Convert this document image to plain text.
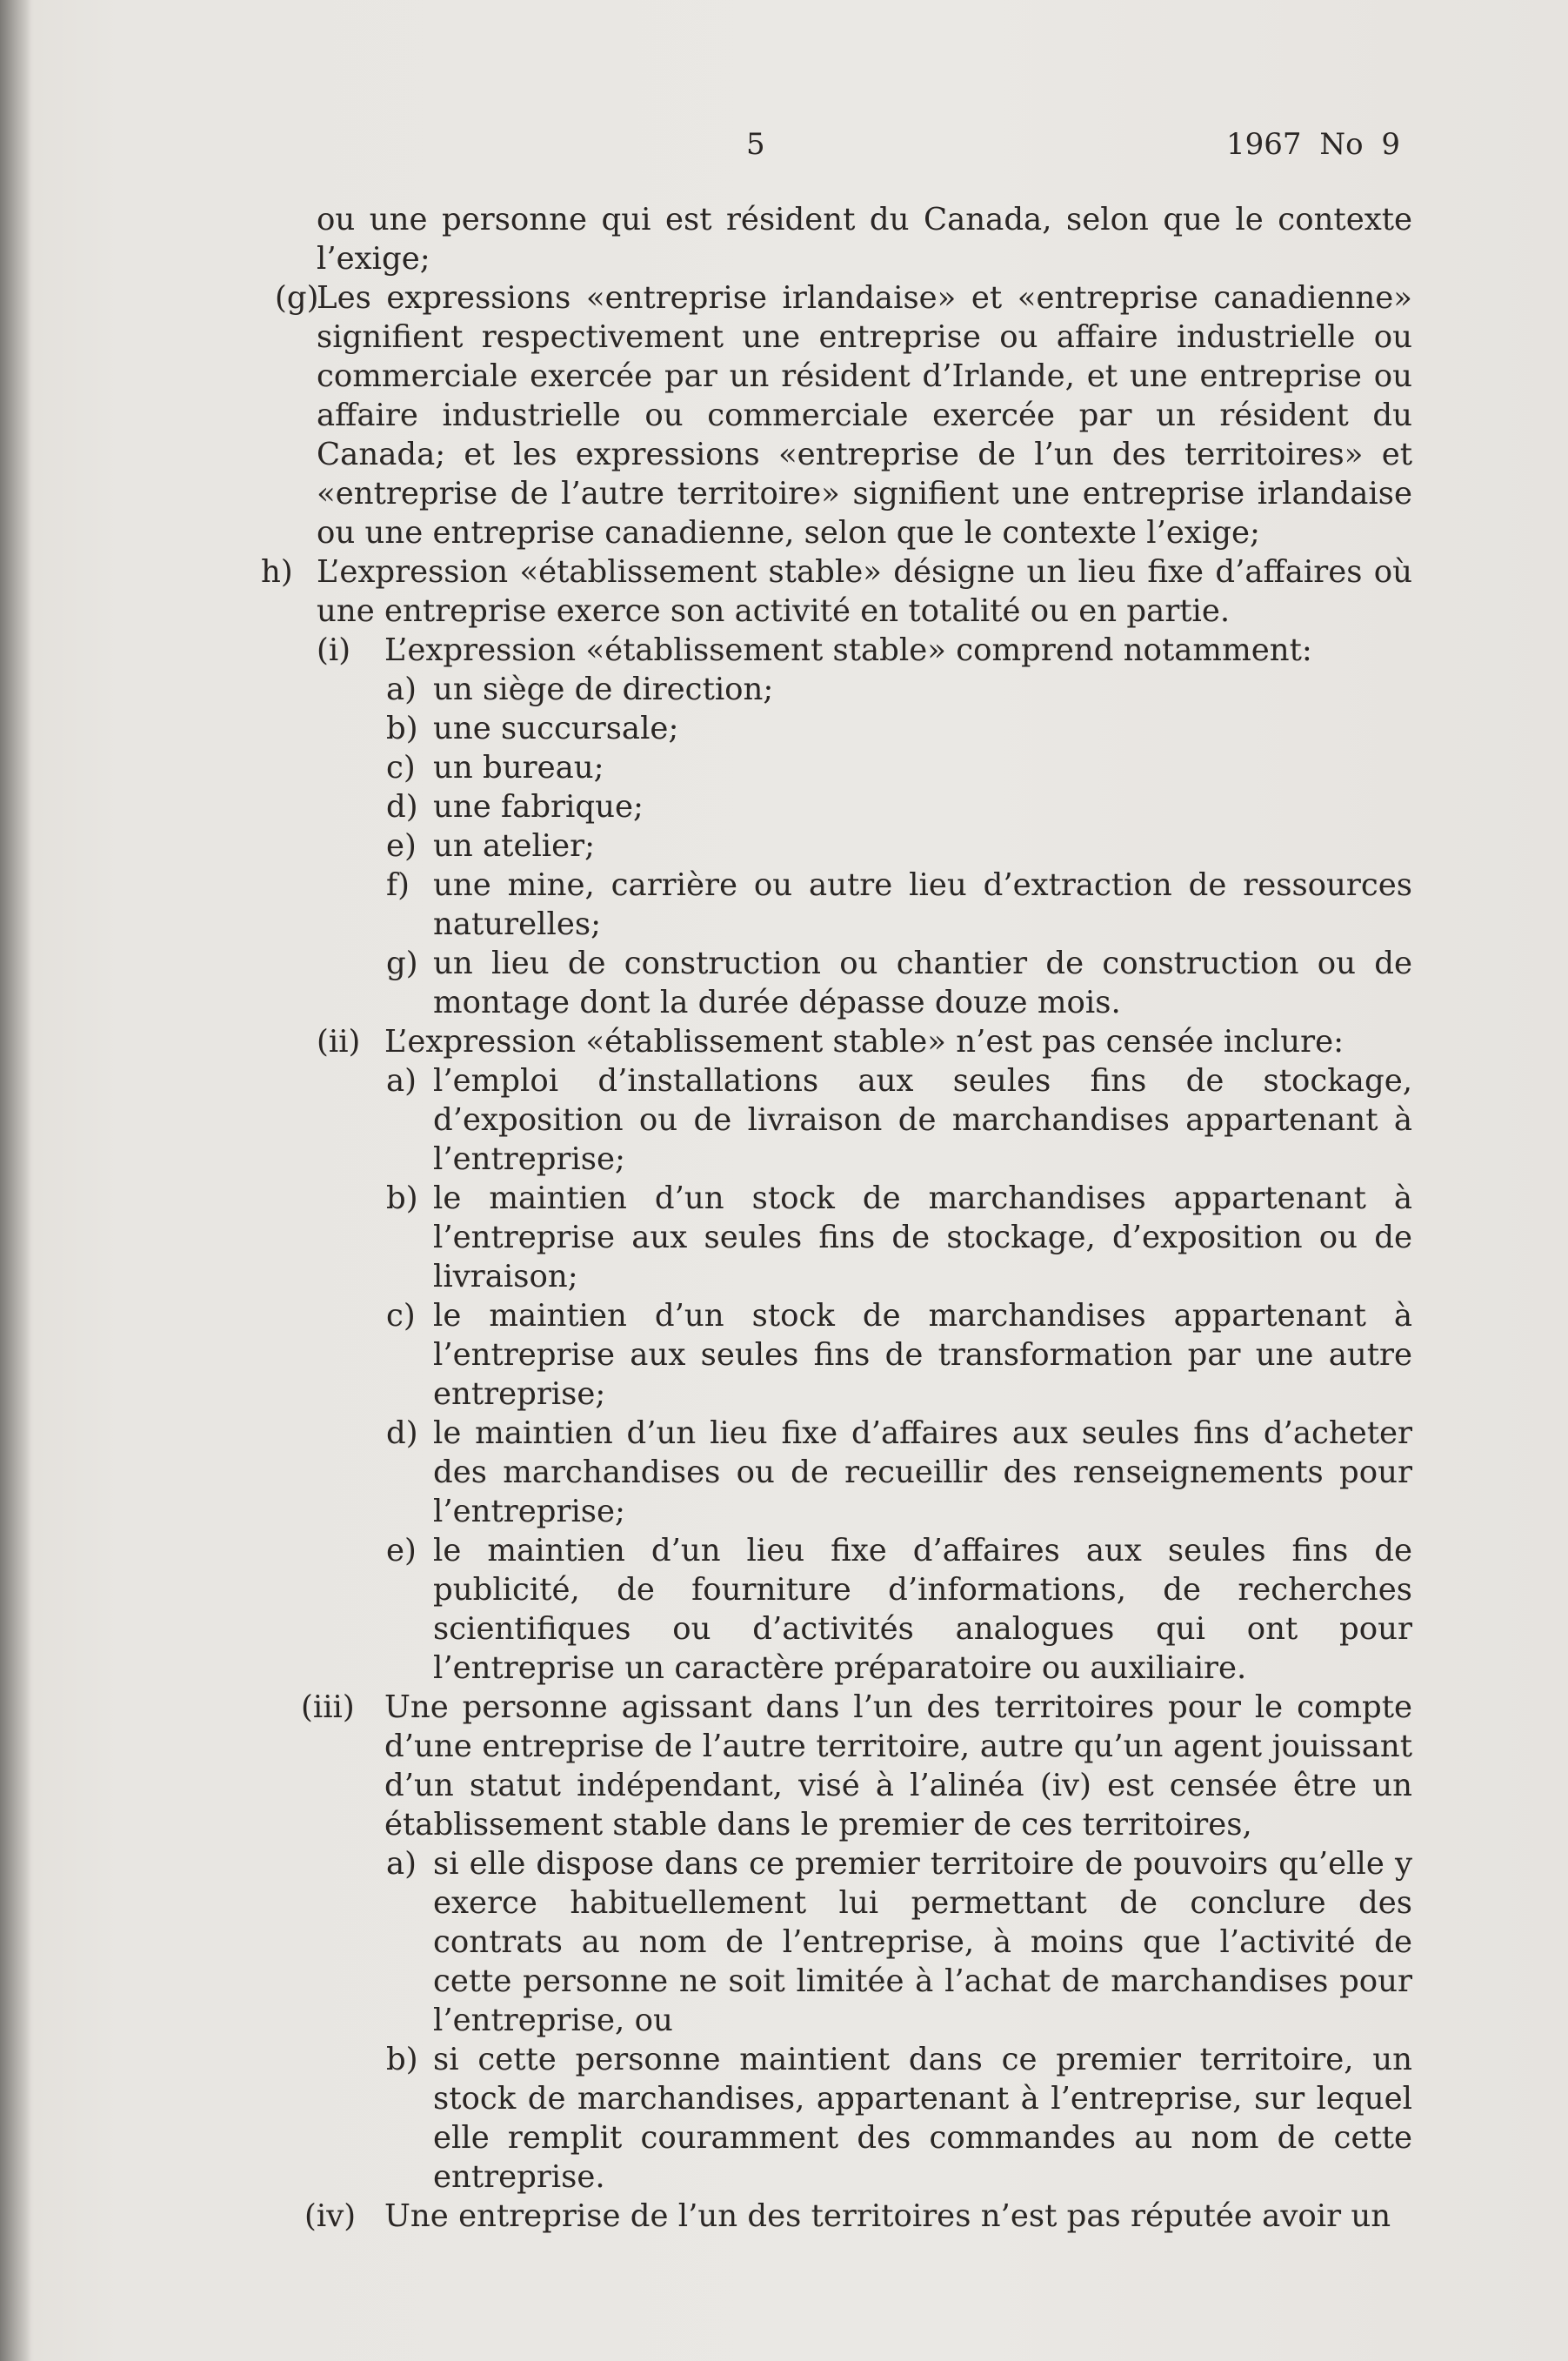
5	1967 No 9

ou une personne qui est résident du Canada, selon que le contexte l’exige;

(g)
Les expressions «entreprise irlandaise» et «entreprise canadienne» signifient respectivement une entreprise ou affaire industrielle ou commerciale exercée par un résident d’Irlande, et une entreprise ou affaire industrielle ou commerciale exercée par un résident du Canada; et les expressions «entreprise de l’un des territoires» et «entreprise de l’autre territoire» signifient une entreprise irlandaise ou une entreprise canadienne, selon que le contexte l’exige;
h) L’expression «établissement stable» désigne un lieu fixe d’affaires où une entreprise exerce son activité en totalité ou en partie.
(i) L’expression «établissement stable» comprend notamment:
a) un siège de direction;
b) une succursale;
c) un bureau;
d) une fabrique;
e) un atelier;
f) une mine, carrière ou autre lieu d’extraction de ressources naturelles;
g) un lieu de construction ou chantier de construction ou de montage dont la durée dépasse douze mois.
(ii) L’expression «établissement stable» n’est pas censée inclure:
a) l’emploi d’installations aux seules fins de stockage, d’exposition ou de livraison de marchandises appartenant à l’entreprise;
b) le maintien d’un stock de marchandises appartenant à l’entreprise aux seules fins de stockage, d’exposition ou de livraison;
c) le maintien d’un stock de marchandises appartenant à l’entreprise aux seules fins de transformation par une autre entreprise;
d) le maintien d’un lieu fixe d’affaires aux seules fins d’acheter des marchandises ou de recueillir des renseignements pour l’entreprise;
e) le maintien d’un lieu fixe d’affaires aux seules fins de publicité, de fourniture d’informations, de recherches scientifiques ou d’activités analogues qui ont pour l’entreprise un caractère préparatoire ou auxiliaire.
(iii) Une personne agissant dans l’un des territoires pour le compte d’une entreprise de l’autre territoire, autre qu’un agent jouissant d’un statut indépendant, visé à l’alinéa (iv) est censée être un établissement stable dans le premier de ces territoires,
a) si elle dispose dans ce premier territoire de pouvoirs qu’elle y exerce habituellement lui permettant de conclure des contrats au nom de l’entreprise, à moins que l’activité de cette personne ne soit limitée à l’achat de marchandises pour l’entreprise, ou
b) si cette personne maintient dans ce premier territoire, un stock de marchandises, appartenant à l’entreprise, sur lequel elle remplit couramment des commandes au nom de cette entreprise.
(iv) Une entreprise de l’un des territoires n’est pas réputée avoir un
